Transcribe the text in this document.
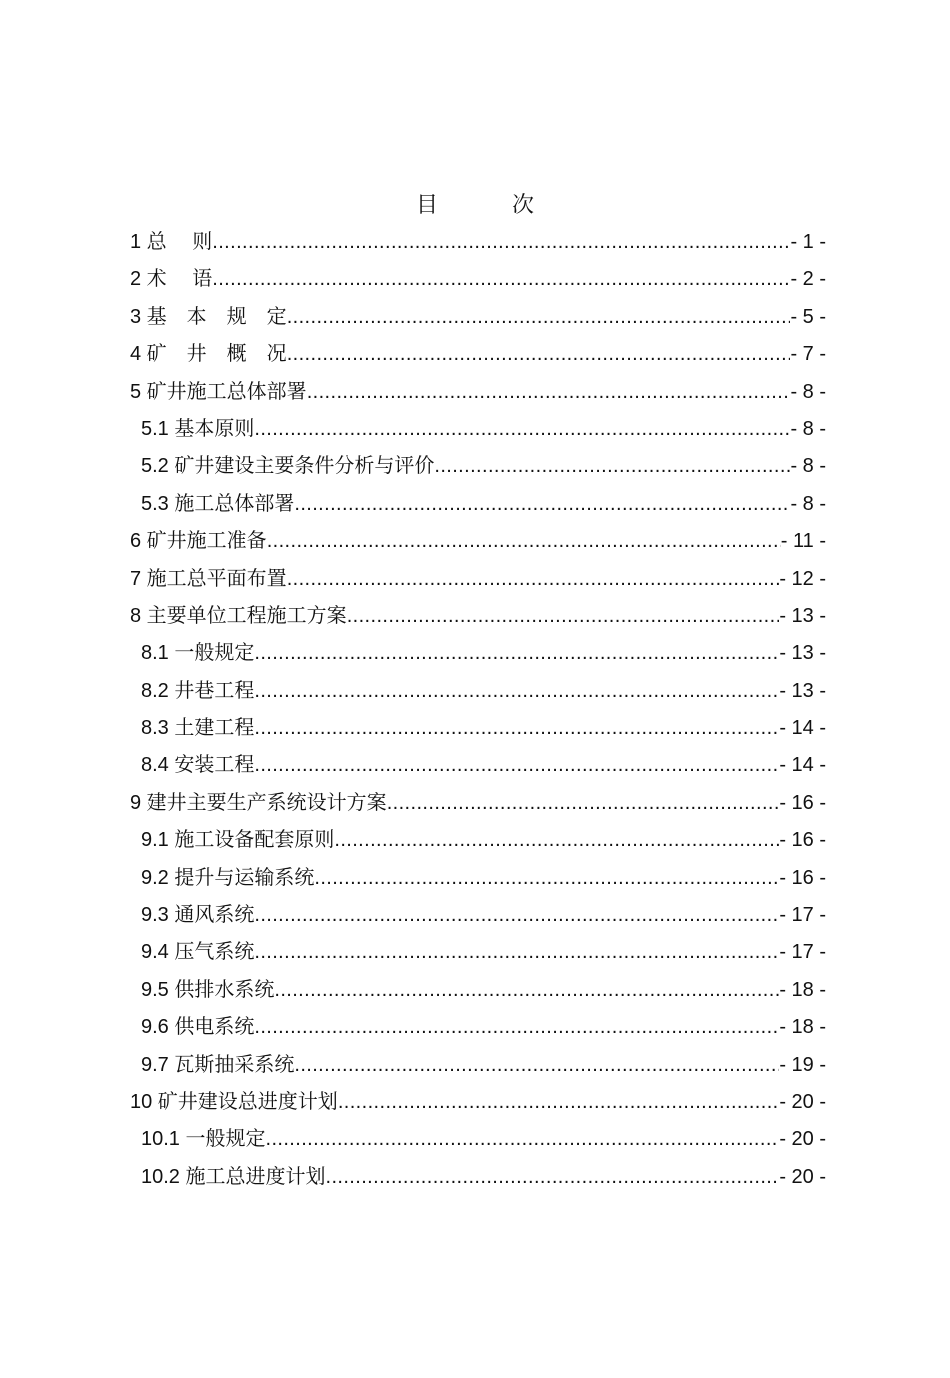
目　次
1 总　 则 .....	- 1 -
2 术　 语 .....	- 2 -
3 基　本　规　定 .....	- 5 -
4 矿　井　概　况 .....	- 7 -
5 矿井施工总体部署 .....	- 8 -
5.1 基本原则 .....	- 8 -
5.2 矿井建设主要条件分析与评价 .....	- 8 -
5.3 施工总体部署 .....	- 8 -
6 矿井施工准备 .....	- 11 -
7 施工总平面布置 .....	- 12 -
8 主要单位工程施工方案 .....	- 13 -
8.1 一般规定 .....	- 13 -
8.2 井巷工程 .....	- 13 -
8.3 土建工程 .....	- 14 -
8.4 安装工程 .....	- 14 -
9 建井主要生产系统设计方案 .....	- 16 -
9.1 施工设备配套原则 .....	- 16 -
9.2 提升与运输系统 .....	- 16 -
9.3 通风系统 .....	- 17 -
9.4 压气系统 .....	- 17 -
9.5 供排水系统 .....	- 18 -
9.6 供电系统 .....	- 18 -
9.7 瓦斯抽采系统 .....	- 19 -
10 矿井建设总进度计划 .....	- 20 -
10.1 一般规定 .....	- 20 -
10.2 施工总进度计划 .....	- 20 -
